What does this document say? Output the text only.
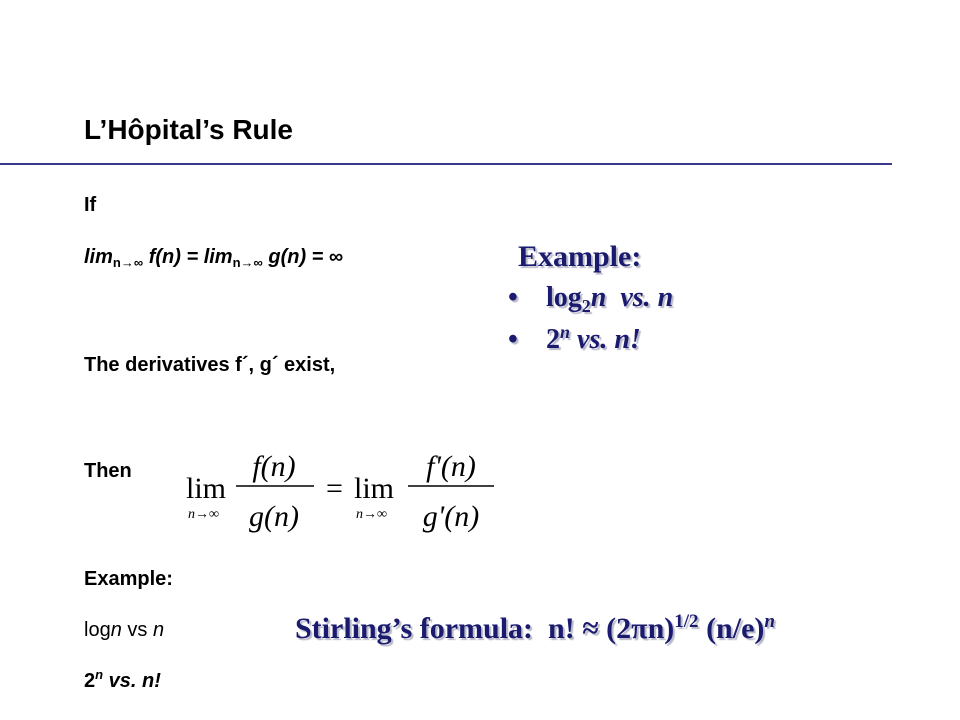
L’Hôpital’s Rule
If
$\lim_{n\to\infty} f(n) = \lim_{n\to\infty} g(n)$ = ∞
The derivatives f´, g´ exist,
Then
lim
n→∞
f(n)
g(n)
= lim
n→∞
f'(n)
g'(n)
Example:
logn vs n
2$^n$ vs. n!
Example:
• $\log_2n$  vs. n
• 2$^n$ vs. n!
Stirling’s formula:  n! ≈ $(2\pi n)^{1/2}$ $(n/e)^n$
